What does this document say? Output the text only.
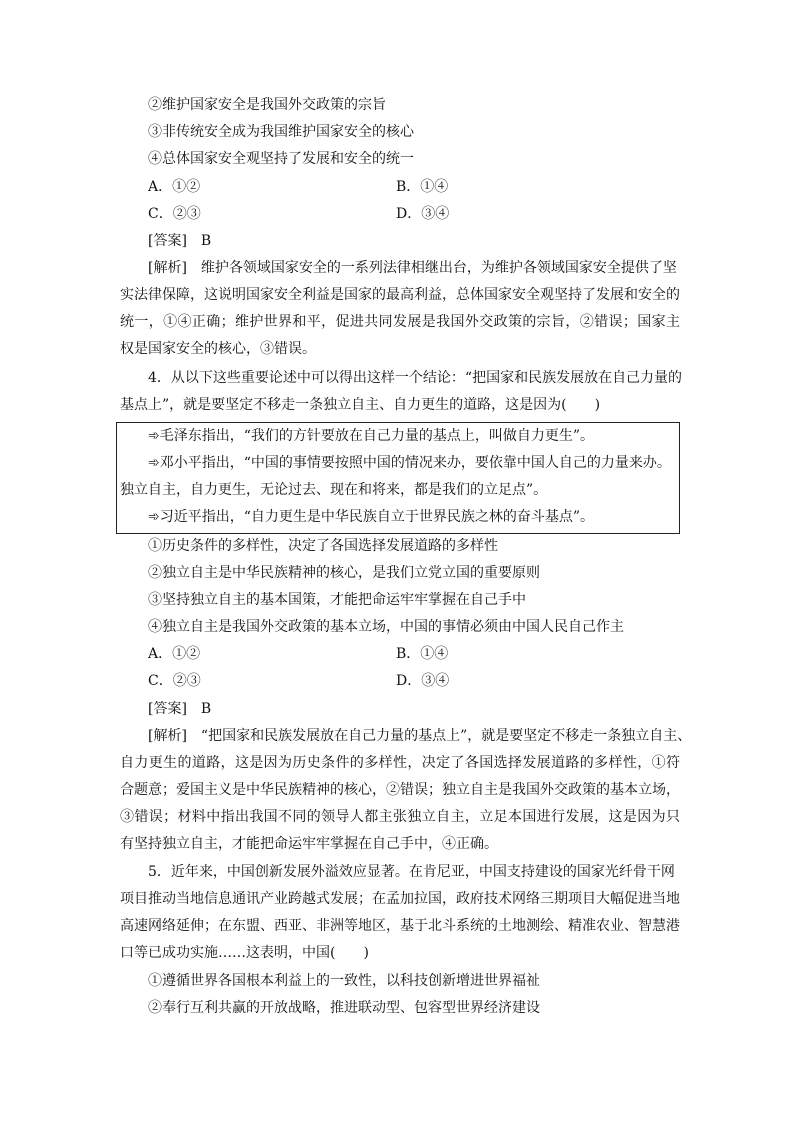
②维护国家安全是我国外交政策的宗旨
③非传统安全成为我国维护国家安全的核心
④总体国家安全观坚持了发展和安全的统一
A．①②	B．①④
C．②③	D．③④
[答案]　B
[解析]　维护各领域国家安全的一系列法律相继出台，为维护各领域国家安全提供了坚
实法律保障，这说明国家安全利益是国家的最高利益，总体国家安全观坚持了发展和安全的
统一，①④正确；维护世界和平，促进共同发展是我国外交政策的宗旨，②错误；国家主
权是国家安全的核心，③错误。
4．从以下这些重要论述中可以得出这样一个结论：“把国家和民族发展放在自己力量的
基点上”，就是要坚定不移走一条独立自主、自力更生的道路，这是因为(　　)
➾毛泽东指出，“我们的方针要放在自己力量的基点上，叫做自力更生”。
➾邓小平指出，“中国的事情要按照中国的情况来办，要依靠中国人自己的力量来办。
独立自主，自力更生，无论过去、现在和将来，都是我们的立足点”。
➾习近平指出，“自力更生是中华民族自立于世界民族之林的奋斗基点”。
①历史条件的多样性，决定了各国选择发展道路的多样性
②独立自主是中华民族精神的核心，是我们立党立国的重要原则
③坚持独立自主的基本国策，才能把命运牢牢掌握在自己手中
④独立自主是我国外交政策的基本立场，中国的事情必须由中国人民自己作主
A．①②	B．①④
C．②③	D．③④
[答案]　B
[解析]　“把国家和民族发展放在自己力量的基点上”，就是要坚定不移走一条独立自主、
自力更生的道路，这是因为历史条件的多样性，决定了各国选择发展道路的多样性，①符
合题意；爱国主义是中华民族精神的核心，②错误；独立自主是我国外交政策的基本立场，
③错误；材料中指出我国不同的领导人都主张独立自主，立足本国进行发展，这是因为只
有坚持独立自主，才能把命运牢牢掌握在自己手中，④正确。
5．近年来，中国创新发展外溢效应显著。在肯尼亚，中国支持建设的国家光纤骨干网
项目推动当地信息通讯产业跨越式发展；在孟加拉国，政府技术网络三期项目大幅促进当地
高速网络延伸；在东盟、西亚、非洲等地区，基于北斗系统的土地测绘、精准农业、智慧港
口等已成功实施……这表明，中国(　　)
①遵循世界各国根本利益上的一致性，以科技创新增进世界福祉
②奉行互利共赢的开放战略，推进联动型、包容型世界经济建设
